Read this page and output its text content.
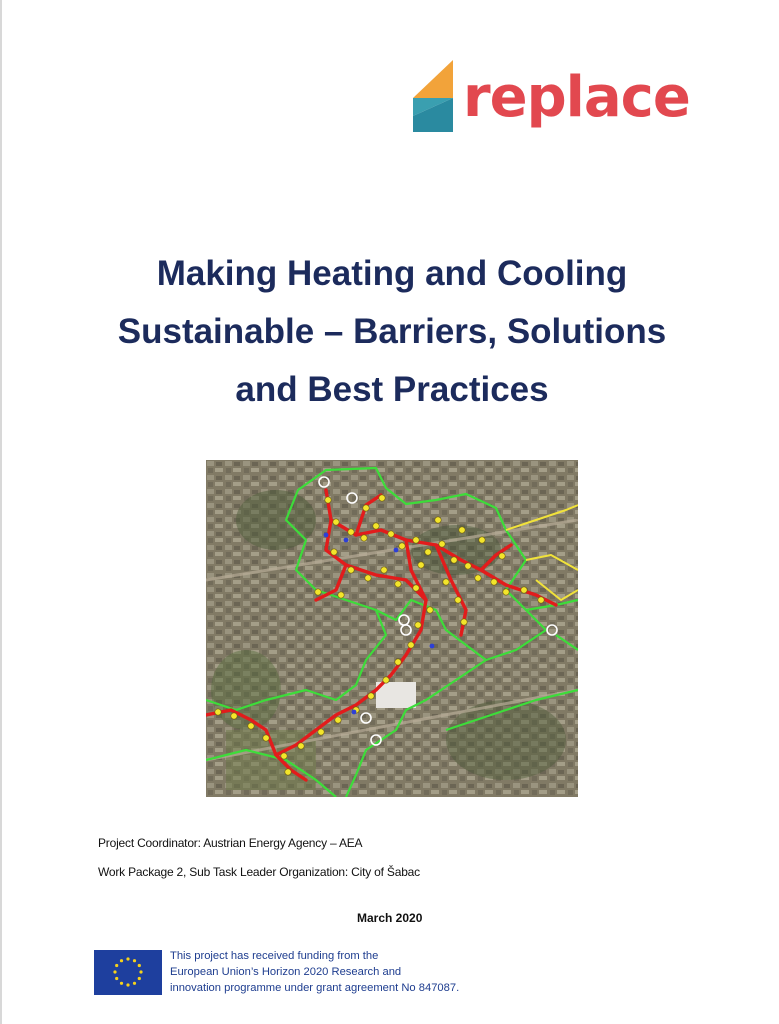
replace
Making Heating and Cooling
Sustainable – Barriers, Solutions
and Best Practices
Project Coordinator: Austrian Energy Agency – AEA
Work Package 2, Sub Task Leader Organization: City of Šabac
March 2020
This project has received funding from the
European Union’s Horizon 2020 Research and
innovation programme under grant agreement No 847087.
